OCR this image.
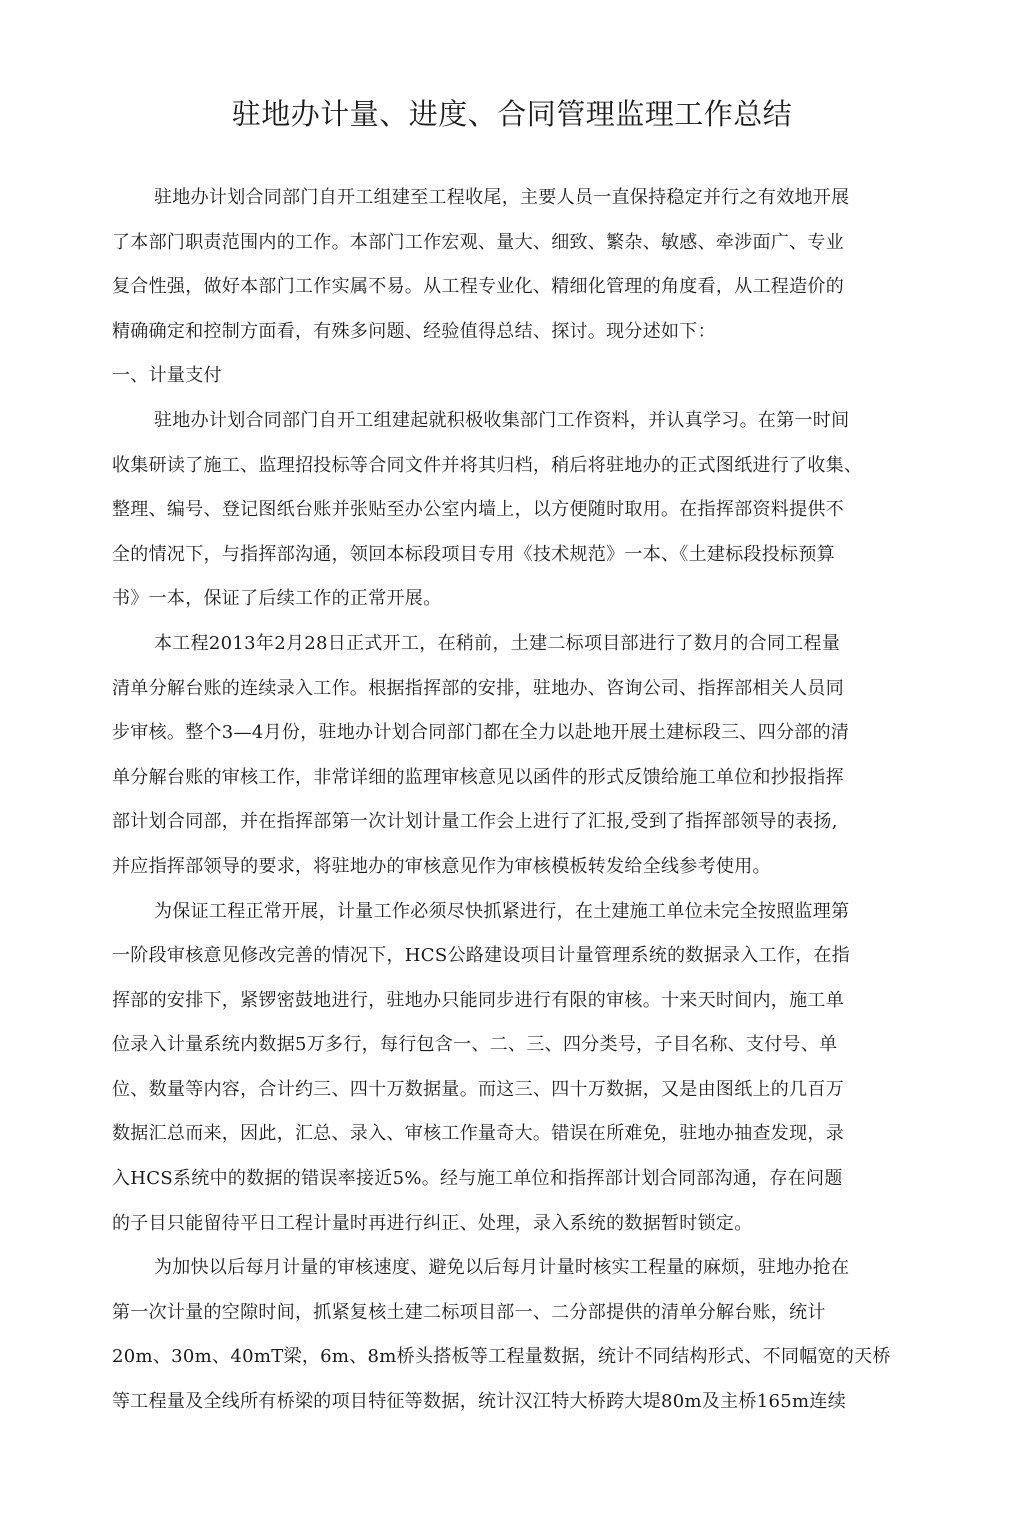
驻地办计量、进度、合同管理监理工作总结
驻地办计划合同部门自开工组建至工程收尾，主要人员一直保持稳定并行之有效地开展
了本部门职责范围内的工作。本部门工作宏观、量大、细致、繁杂、敏感、牵涉面广、专业
复合性强，做好本部门工作实属不易。从工程专业化、精细化管理的角度看，从工程造价的
精确确定和控制方面看，有殊多问题、经验值得总结、探讨。现分述如下：
一、计量支付
驻地办计划合同部门自开工组建起就积极收集部门工作资料，并认真学习。在第一时间
收集研读了施工、监理招投标等合同文件并将其归档，稍后将驻地办的正式图纸进行了收集、
整理、编号、登记图纸台账并张贴至办公室内墙上，以方便随时取用。在指挥部资料提供不
全的情况下，与指挥部沟通，领回本标段项目专用《技术规范》一本、《土建标段投标预算
书》一本，保证了后续工作的正常开展。
本工程2013年2月28日正式开工，在稍前，土建二标项目部进行了数月的合同工程量
清单分解台账的连续录入工作。根据指挥部的安排，驻地办、咨询公司、指挥部相关人员同
步审核。整个3—4月份，驻地办计划合同部门都在全力以赴地开展土建标段三、四分部的清
单分解台账的审核工作，非常详细的监理审核意见以函件的形式反馈给施工单位和抄报指挥
部计划合同部，并在指挥部第一次计划计量工作会上进行了汇报,受到了指挥部领导的表扬,
并应指挥部领导的要求，将驻地办的审核意见作为审核模板转发给全线参考使用。
为保证工程正常开展，计量工作必须尽快抓紧进行，在土建施工单位未完全按照监理第
一阶段审核意见修改完善的情况下，HCS公路建设项目计量管理系统的数据录入工作，在指
挥部的安排下，紧锣密鼓地进行，驻地办只能同步进行有限的审核。十来天时间内，施工单
位录入计量系统内数据5万多行，每行包含一、二、三、四分类号，子目名称、支付号、单
位、数量等内容，合计约三、四十万数据量。而这三、四十万数据，又是由图纸上的几百万
数据汇总而来，因此，汇总、录入、审核工作量奇大。错误在所难免，驻地办抽查发现，录
入HCS系统中的数据的错误率接近5%。经与施工单位和指挥部计划合同部沟通，存在问题
的子目只能留待平日工程计量时再进行纠正、处理，录入系统的数据暂时锁定。
为加快以后每月计量的审核速度、避免以后每月计量时核实工程量的麻烦，驻地办抢在
第一次计量的空隙时间，抓紧复核土建二标项目部一、二分部提供的清单分解台账，统计
20m、30m、40mT梁，6m、8m桥头搭板等工程量数据，统计不同结构形式、不同幅宽的天桥
等工程量及全线所有桥梁的项目特征等数据，统计汉江特大桥跨大堤80m及主桥165m连续
